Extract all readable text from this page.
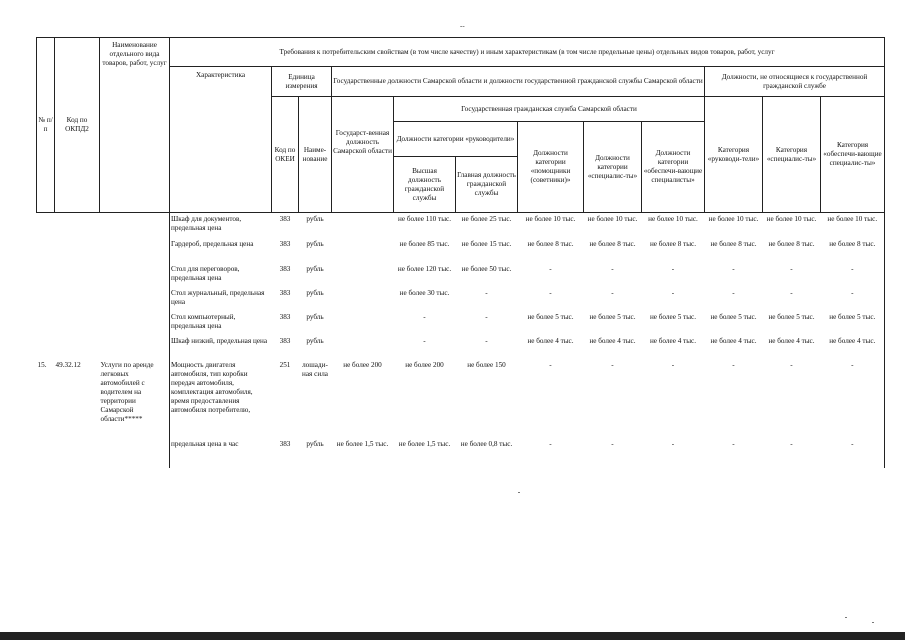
--
№ п/п	Код по ОКПД2	Наименование отдельного вида товаров, работ, услуг	Требования к потребительским свойствам (в том числе качеству) и иным характеристикам (в том числе предельные цены) отдельных видов товаров, работ, услуг											
			Характеристика	Единица измерения		Государственные должности Самарской области и должности государственной гражданской службы Самарской области						Должности, не относящиеся к государственной гражданской службе		
				Код по ОКЕИ	Наиме-нование	Государст-венная должность Самарской области	Государственная гражданская служба Самарской области					Категория «руководи-тели»	Категория «специалис-ты»	Категория «обеспечи-вающие специалис-ты»
							Должности категории «руководители»		Должности категории «помощники (советники)»	Должности категории «специалис-ты»	Должности категории «обеспечи-вающие специалисты»			
							Высшая должность гражданской службы	Главная должность гражданской службы						
			Шкаф для документов, предельная цена	383	рубль		не более 110 тыс.	не более 25 тыс.	не более 10 тыс.	не более 10 тыс.	не более 10 тыс.	не более 10 тыс.	не более 10 тыс.	не более 10 тыс.
			Гардероб, предельная цена	383	рубль		не более 85 тыс.	не более 15 тыс.	не более 8 тыс.	не более 8 тыс.	не более 8 тыс.	не более 8 тыс.	не более 8 тыс.	не более 8 тыс.
			Стол для переговоров, предельная цена	383	рубль		не более 120 тыс.	не более 50 тыс.	-	-	-	-	-	-
			Стол журнальный, предельная цена	383	рубль		не более 30 тыс.	-	-	-	-	-	-	-
			Стол компьютерный, предельная цена	383	рубль		-	-	не более 5 тыс.	не более 5 тыс.	не более 5 тыс.	не более 5 тыс.	не более 5 тыс.	не более 5 тыс.
			Шкаф низкий, предельная цена	383	рубль		-	-	не более 4 тыс.	не более 4 тыс.	не более 4 тыс.	не более 4 тыс.	не более 4 тыс.	не более 4 тыс.
15.	49.32.12	Услуги по аренде легковых автомобилей с водителем на территории Самарской области*****	Мощность двигателя автомобиля, тип коробки передач автомобиля, комплектация автомобиля, время предоставления автомобиля потребителю,	251	лошади-ная сила	не более 200	не более 200	не более 150	-	-	-	-	-	-
			предельная цена в час	383	рубль	не более 1,5 тыс.	не более 1,5 тыс.	не более 0,8 тыс.	-	-	-	-	-	-
